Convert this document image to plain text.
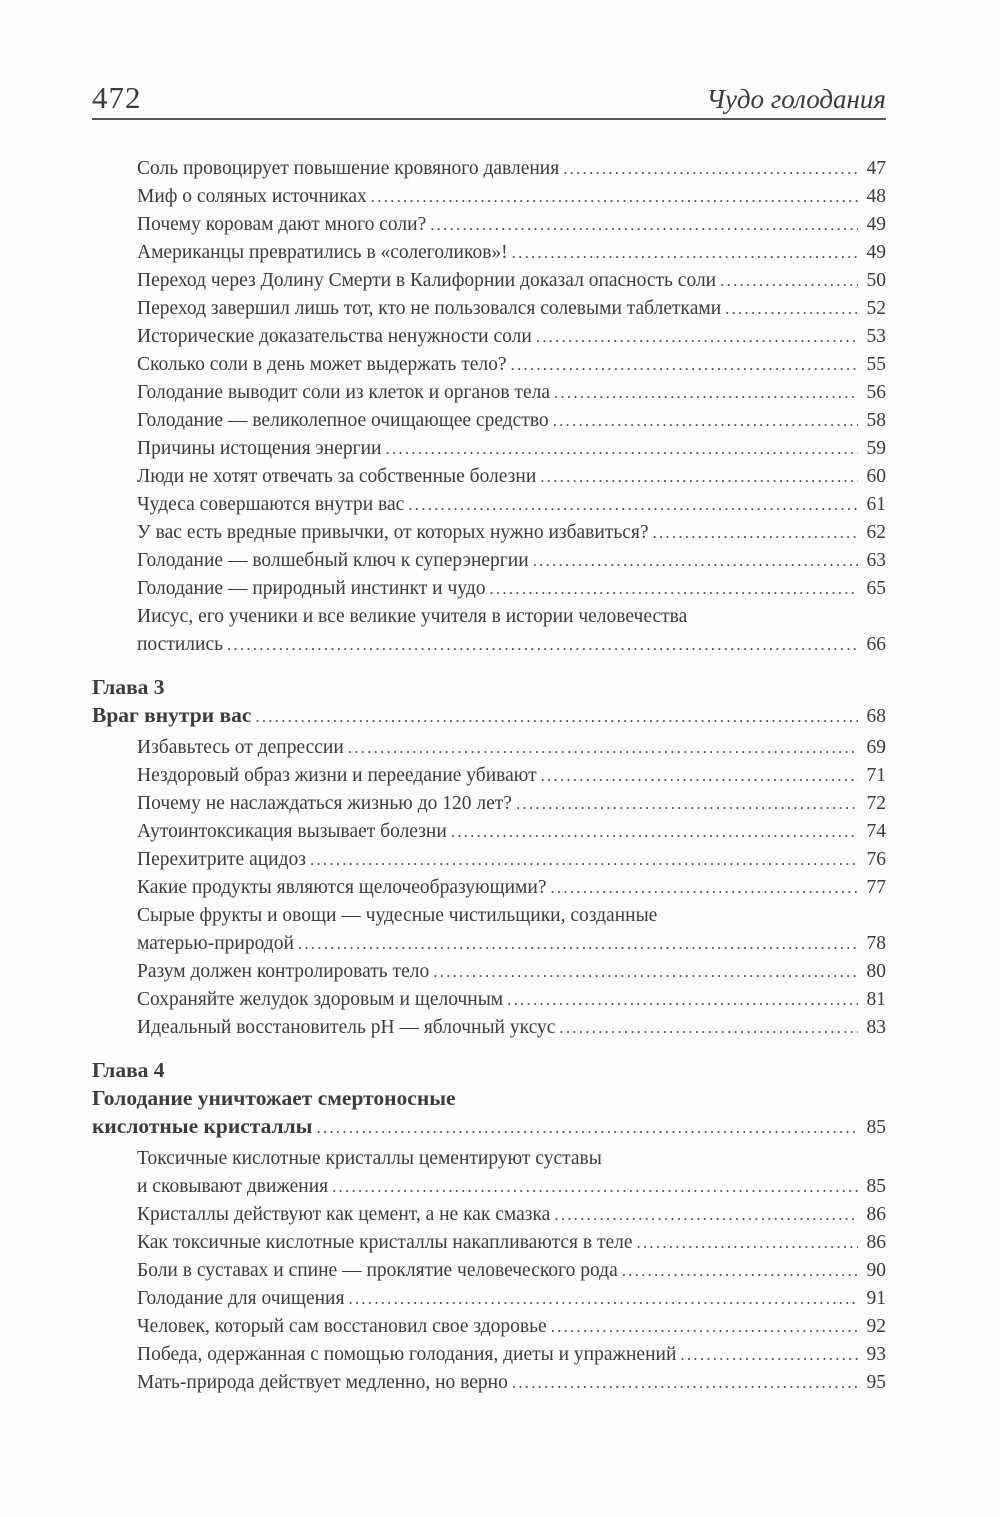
472	Чудо голодания
Соль провоцирует повышение кровяного давления .....	47
Миф о соляных источниках .....	48
Почему коровам дают много соли? .....	49
Американцы превратились в «солеголиков»! .....	49
Переход через Долину Смерти в Калифорнии доказал опасность соли .....	50
Переход завершил лишь тот, кто не пользовался солевыми таблетками .....	52
Исторические доказательства ненужности соли .....	53
Сколько соли в день может выдержать тело? .....	55
Голодание выводит соли из клеток и органов тела .....	56
Голодание — великолепное очищающее средство .....	58
Причины истощения энергии .....	59
Люди не хотят отвечать за собственные болезни .....	60
Чудеса совершаются внутри вас .....	61
У вас есть вредные привычки, от которых нужно избавиться? .....	62
Голодание — волшебный ключ к суперэнергии .....	63
Голодание — природный инстинкт и чудо .....	65
Иисус, его ученики и все великие учителя в истории человечества
постились .....	66
Глава 3
Враг внутри вас .....	68
Избавьтесь от депрессии .....	69
Нездоровый образ жизни и переедание убивают .....	71
Почему не наслаждаться жизнью до 120 лет? .....	72
Аутоинтоксикация вызывает болезни .....	74
Перехитрите ацидоз .....	76
Какие продукты являются щелочеобразующими? .....	77
Сырые фрукты и овощи — чудесные чистильщики, созданные
матерью-природой .....	78
Разум должен контролировать тело .....	80
Сохраняйте желудок здоровым и щелочным .....	81
Идеальный восстановитель pH — яблочный уксус .....	83
Глава 4
Голодание уничтожает смертоносные
кислотные кристаллы .....	85
Токсичные кислотные кристаллы цементируют суставы
и сковывают движения .....	85
Кристаллы действуют как цемент, а не как смазка .....	86
Как токсичные кислотные кристаллы накапливаются в теле .....	86
Боли в суставах и спине — проклятие человеческого рода .....	90
Голодание для очищения .....	91
Человек, который сам восстановил свое здоровье .....	92
Победа, одержанная с помощью голодания, диеты и упражнений .....	93
Мать-природа действует медленно, но верно .....	95
